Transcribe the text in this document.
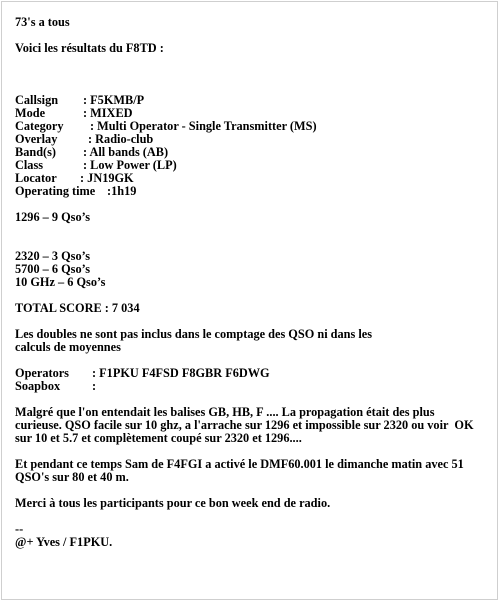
73's a tous
Voici les résultats du F8TD :
Callsign	: F5KMB/P
Mode	: MIXED
Category	: Multi Operator - Single Transmitter (MS)
Overlay	: Radio-club
Band(s)	: All bands (AB)
Class	: Low Power (LP)
Locator	: JN19GK
Operating time :1h19
1296 – 9 Qso’s
2320 – 3 Qso’s
5700 – 6 Qso’s
10 GHz – 6 Qso’s
TOTAL SCORE : 7 034
Les doubles ne sont pas inclus dans le comptage des QSO ni dans les
calculs de moyennes
Operators	: F1PKU F4FSD F8GBR F6DWG
Soapbox	:
Malgré que l'on entendait les balises GB, HB, F .... La propagation était des plus
curieuse. QSO facile sur 10 ghz, a l'arrache sur 1296 et impossible sur 2320 ou voir  OK
sur 10 et 5.7 et complètement coupé sur 2320 et 1296....
Et pendant ce temps Sam de F4FGI a activé le DMF60.001 le dimanche matin avec 51
QSO's sur 80 et 40 m.
Merci à tous les participants pour ce bon week end de radio.
--
@+ Yves / F1PKU.
